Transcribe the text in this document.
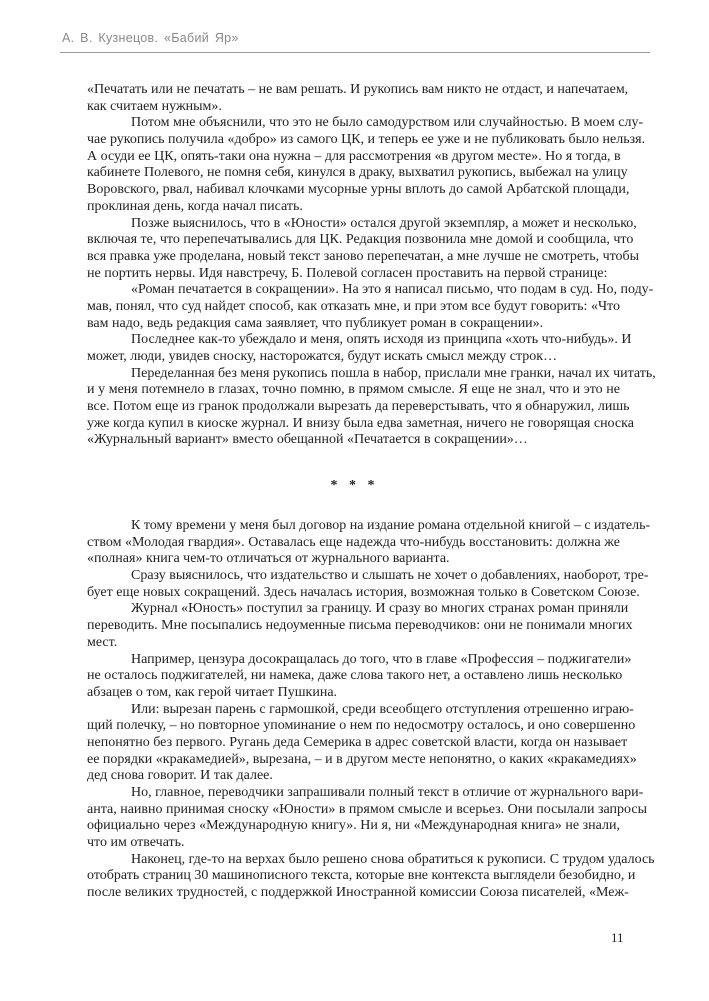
А. В. Кузнецов. «Бабий Яр»
«Печатать или не печатать – не вам решать. И рукопись вам никто не отдаст, и напечатаем,
как считаем нужным».
Потом мне объяснили, что это не было самодурством или случайностью. В моем слу-
чае рукопись получила «добро» из самого ЦК, и теперь ее уже и не публиковать было нельзя.
А осуди ее ЦК, опять-таки она нужна – для рассмотрения «в другом месте». Но я тогда, в
кабинете Полевого, не помня себя, кинулся в драку, выхватил рукопись, выбежал на улицу
Воровского, рвал, набивал клочками мусорные урны вплоть до самой Арбатской площади,
проклиная день, когда начал писать.
Позже выяснилось, что в «Юности» остался другой экземпляр, а может и несколько,
включая те, что перепечатывались для ЦК. Редакция позвонила мне домой и сообщила, что
вся правка уже проделана, новый текст заново перепечатан, а мне лучше не смотреть, чтобы
не портить нервы. Идя навстречу, Б. Полевой согласен проставить на первой странице:
«Роман печатается в сокращении». На это я написал письмо, что подам в суд. Но, поду-
мав, понял, что суд найдет способ, как отказать мне, и при этом все будут говорить: «Что
вам надо, ведь редакция сама заявляет, что публикует роман в сокращении».
Последнее как-то убеждало и меня, опять исходя из принципа «хоть что-нибудь». И
может, люди, увидев сноску, насторожатся, будут искать смысл между строк…
Переделанная без меня рукопись пошла в набор, прислали мне гранки, начал их читать,
и у меня потемнело в глазах, точно помню, в прямом смысле. Я еще не знал, что и это не
все. Потом еще из гранок продолжали вырезать да переверстывать, что я обнаружил, лишь
уже когда купил в киоске журнал. И внизу была едва заметная, ничего не говорящая сноска
«Журнальный вариант» вместо обещанной «Печатается в сокращении»…
* * *
К тому времени у меня был договор на издание романа отдельной книгой – с издатель-
ством «Молодая гвардия». Оставалась еще надежда что-нибудь восстановить: должна же
«полная» книга чем-то отличаться от журнального варианта.
Сразу выяснилось, что издательство и слышать не хочет о добавлениях, наоборот, тре-
бует еще новых сокращений. Здесь началась история, возможная только в Советском Союзе.
Журнал «Юность» поступил за границу. И сразу во многих странах роман приняли
переводить. Мне посыпались недоуменные письма переводчиков: они не понимали многих
мест.
Например, цензура досокращалась до того, что в главе «Профессия – поджигатели»
не осталось поджигателей, ни намека, даже слова такого нет, а оставлено лишь несколько
абзацев о том, как герой читает Пушкина.
Или: вырезан парень с гармошкой, среди всеобщего отступления отрешенно играю-
щий полечку, – но повторное упоминание о нем по недосмотру осталось, и оно совершенно
непонятно без первого. Ругань деда Семерика в адрес советской власти, когда он называет
ее порядки «кракамедией», вырезана, – и в другом месте непонятно, о каких «кракамедиях»
дед снова говорит. И так далее.
Но, главное, переводчики запрашивали полный текст в отличие от журнального вари-
анта, наивно принимая сноску «Юности» в прямом смысле и всерьез. Они посылали запросы
официально через «Международную книгу». Ни я, ни «Международная книга» не знали,
что им отвечать.
Наконец, где-то на верхах было решено снова обратиться к рукописи. С трудом удалось
отобрать страниц 30 машинописного текста, которые вне контекста выглядели безобидно, и
после великих трудностей, с поддержкой Иностранной комиссии Союза писателей, «Меж-
11
